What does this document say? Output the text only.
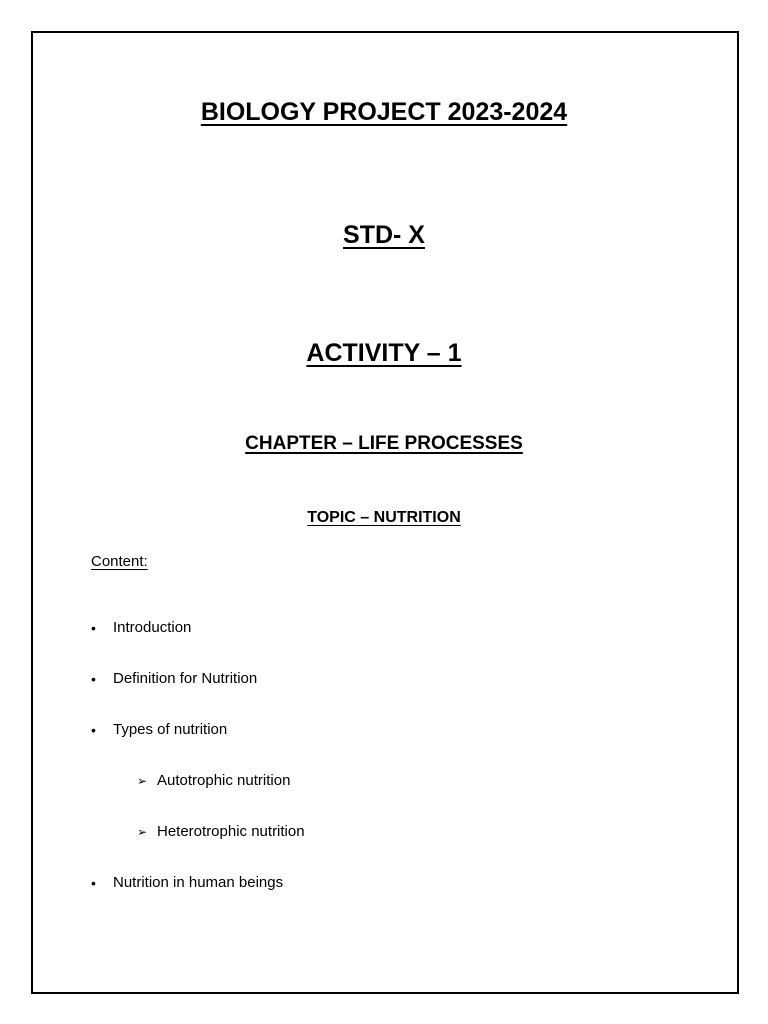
BIOLOGY PROJECT 2023-2024
STD- X
ACTIVITY – 1
CHAPTER – LIFE PROCESSES
TOPIC – NUTRITION

Content:

•	Introduction
•	Definition for Nutrition
•	Types of nutrition
➢ Autotrophic nutrition
➢ Heterotrophic nutrition
•	Nutrition in human beings
